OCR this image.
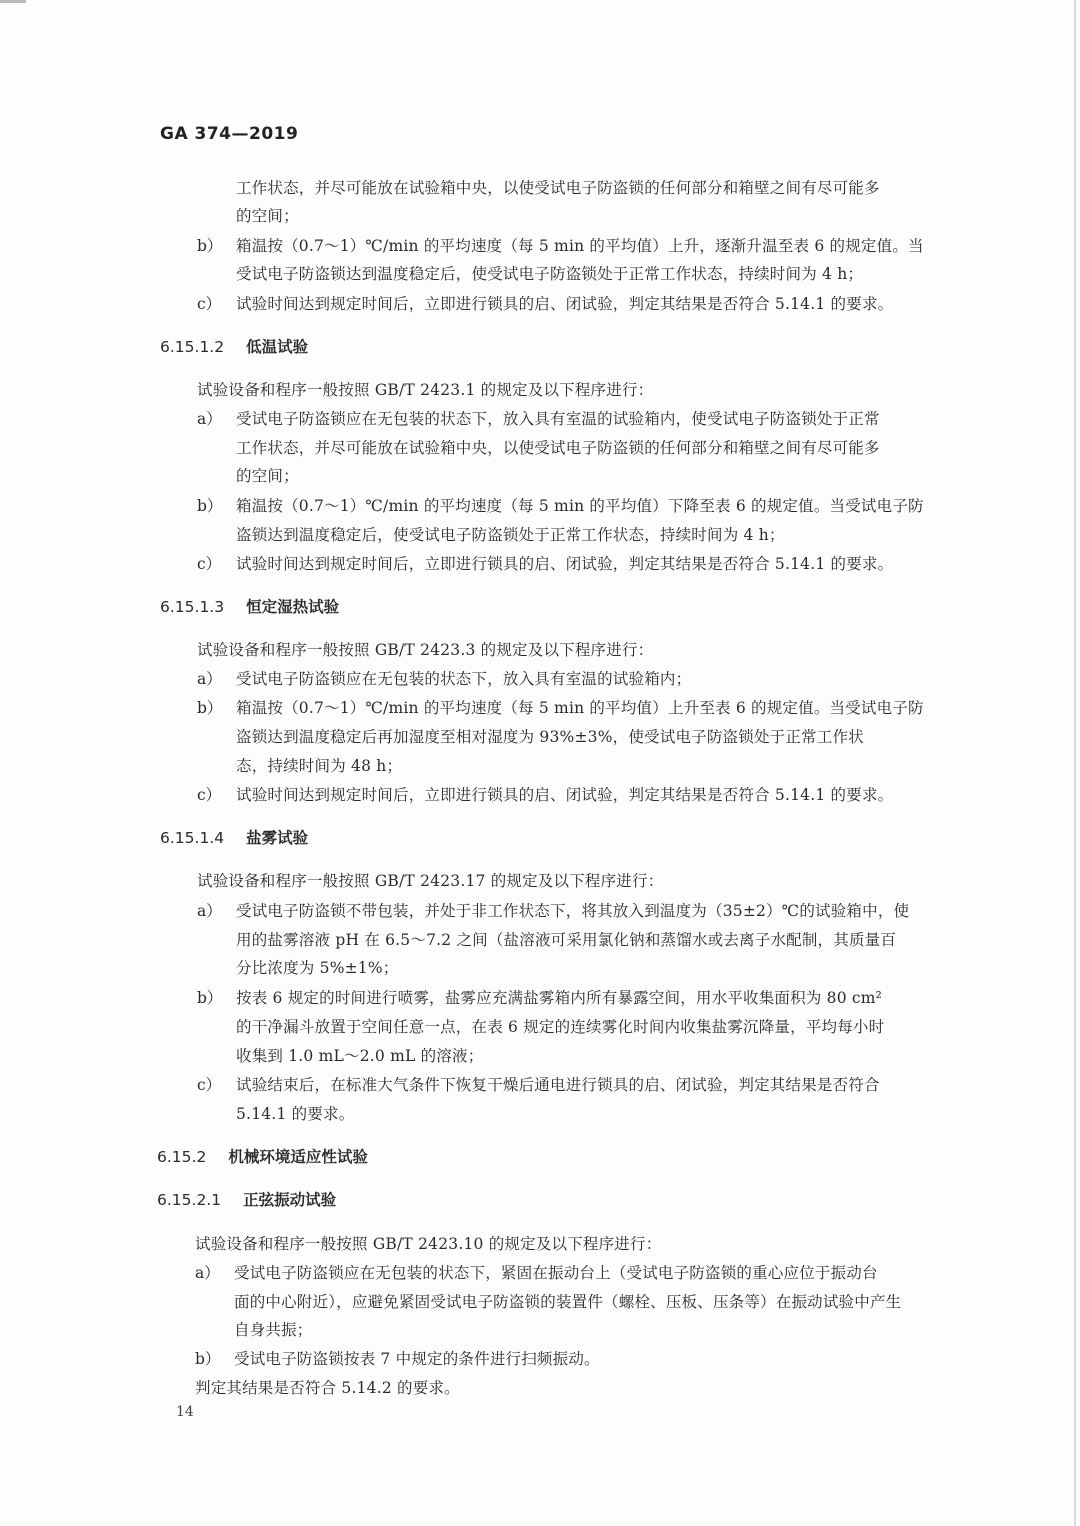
GA 374—2019
工作状态，并尽可能放在试验箱中央，以使受试电子防盗锁的任何部分和箱壁之间有尽可能多
的空间；
b） 箱温按（0.7～1）℃/min 的平均速度（每 5 min 的平均值）上升，逐渐升温至表 6 的规定值。当
受试电子防盗锁达到温度稳定后，使受试电子防盗锁处于正常工作状态，持续时间为 4 h；
c） 试验时间达到规定时间后，立即进行锁具的启、闭试验，判定其结果是否符合 5.14.1 的要求。
6.15.1.2 低温试验
试验设备和程序一般按照 GB/T 2423.1 的规定及以下程序进行：
a） 受试电子防盗锁应在无包装的状态下，放入具有室温的试验箱内，使受试电子防盗锁处于正常
工作状态，并尽可能放在试验箱中央，以使受试电子防盗锁的任何部分和箱壁之间有尽可能多
的空间；
b） 箱温按（0.7～1）℃/min 的平均速度（每 5 min 的平均值）下降至表 6 的规定值。当受试电子防
盗锁达到温度稳定后，使受试电子防盗锁处于正常工作状态，持续时间为 4 h；
c） 试验时间达到规定时间后，立即进行锁具的启、闭试验，判定其结果是否符合 5.14.1 的要求。
6.15.1.3 恒定湿热试验
试验设备和程序一般按照 GB/T 2423.3 的规定及以下程序进行：
a） 受试电子防盗锁应在无包装的状态下，放入具有室温的试验箱内；
b） 箱温按（0.7～1）℃/min 的平均速度（每 5 min 的平均值）上升至表 6 的规定值。当受试电子防
盗锁达到温度稳定后再加湿度至相对湿度为 93%±3%，使受试电子防盗锁处于正常工作状
态，持续时间为 48 h；
c） 试验时间达到规定时间后，立即进行锁具的启、闭试验，判定其结果是否符合 5.14.1 的要求。
6.15.1.4 盐雾试验
试验设备和程序一般按照 GB/T 2423.17 的规定及以下程序进行：
a） 受试电子防盗锁不带包装，并处于非工作状态下，将其放入到温度为（35±2）℃的试验箱中，使
用的盐雾溶液 pH 在 6.5～7.2 之间（盐溶液可采用氯化钠和蒸馏水或去离子水配制，其质量百
分比浓度为 5%±1%；
b） 按表 6 规定的时间进行喷雾，盐雾应充满盐雾箱内所有暴露空间，用水平收集面积为 80 cm²
的干净漏斗放置于空间任意一点，在表 6 规定的连续雾化时间内收集盐雾沉降量，平均每小时
收集到 1.0 mL～2.0 mL 的溶液；
c） 试验结束后，在标准大气条件下恢复干燥后通电进行锁具的启、闭试验，判定其结果是否符合
5.14.1 的要求。
6.15.2 机械环境适应性试验
6.15.2.1 正弦振动试验
试验设备和程序一般按照 GB/T 2423.10 的规定及以下程序进行：
a） 受试电子防盗锁应在无包装的状态下，紧固在振动台上（受试电子防盗锁的重心应位于振动台
面的中心附近），应避免紧固受试电子防盗锁的装置件（螺栓、压板、压条等）在振动试验中产生
自身共振；
b） 受试电子防盗锁按表 7 中规定的条件进行扫频振动。
判定其结果是否符合 5.14.2 的要求。
14
